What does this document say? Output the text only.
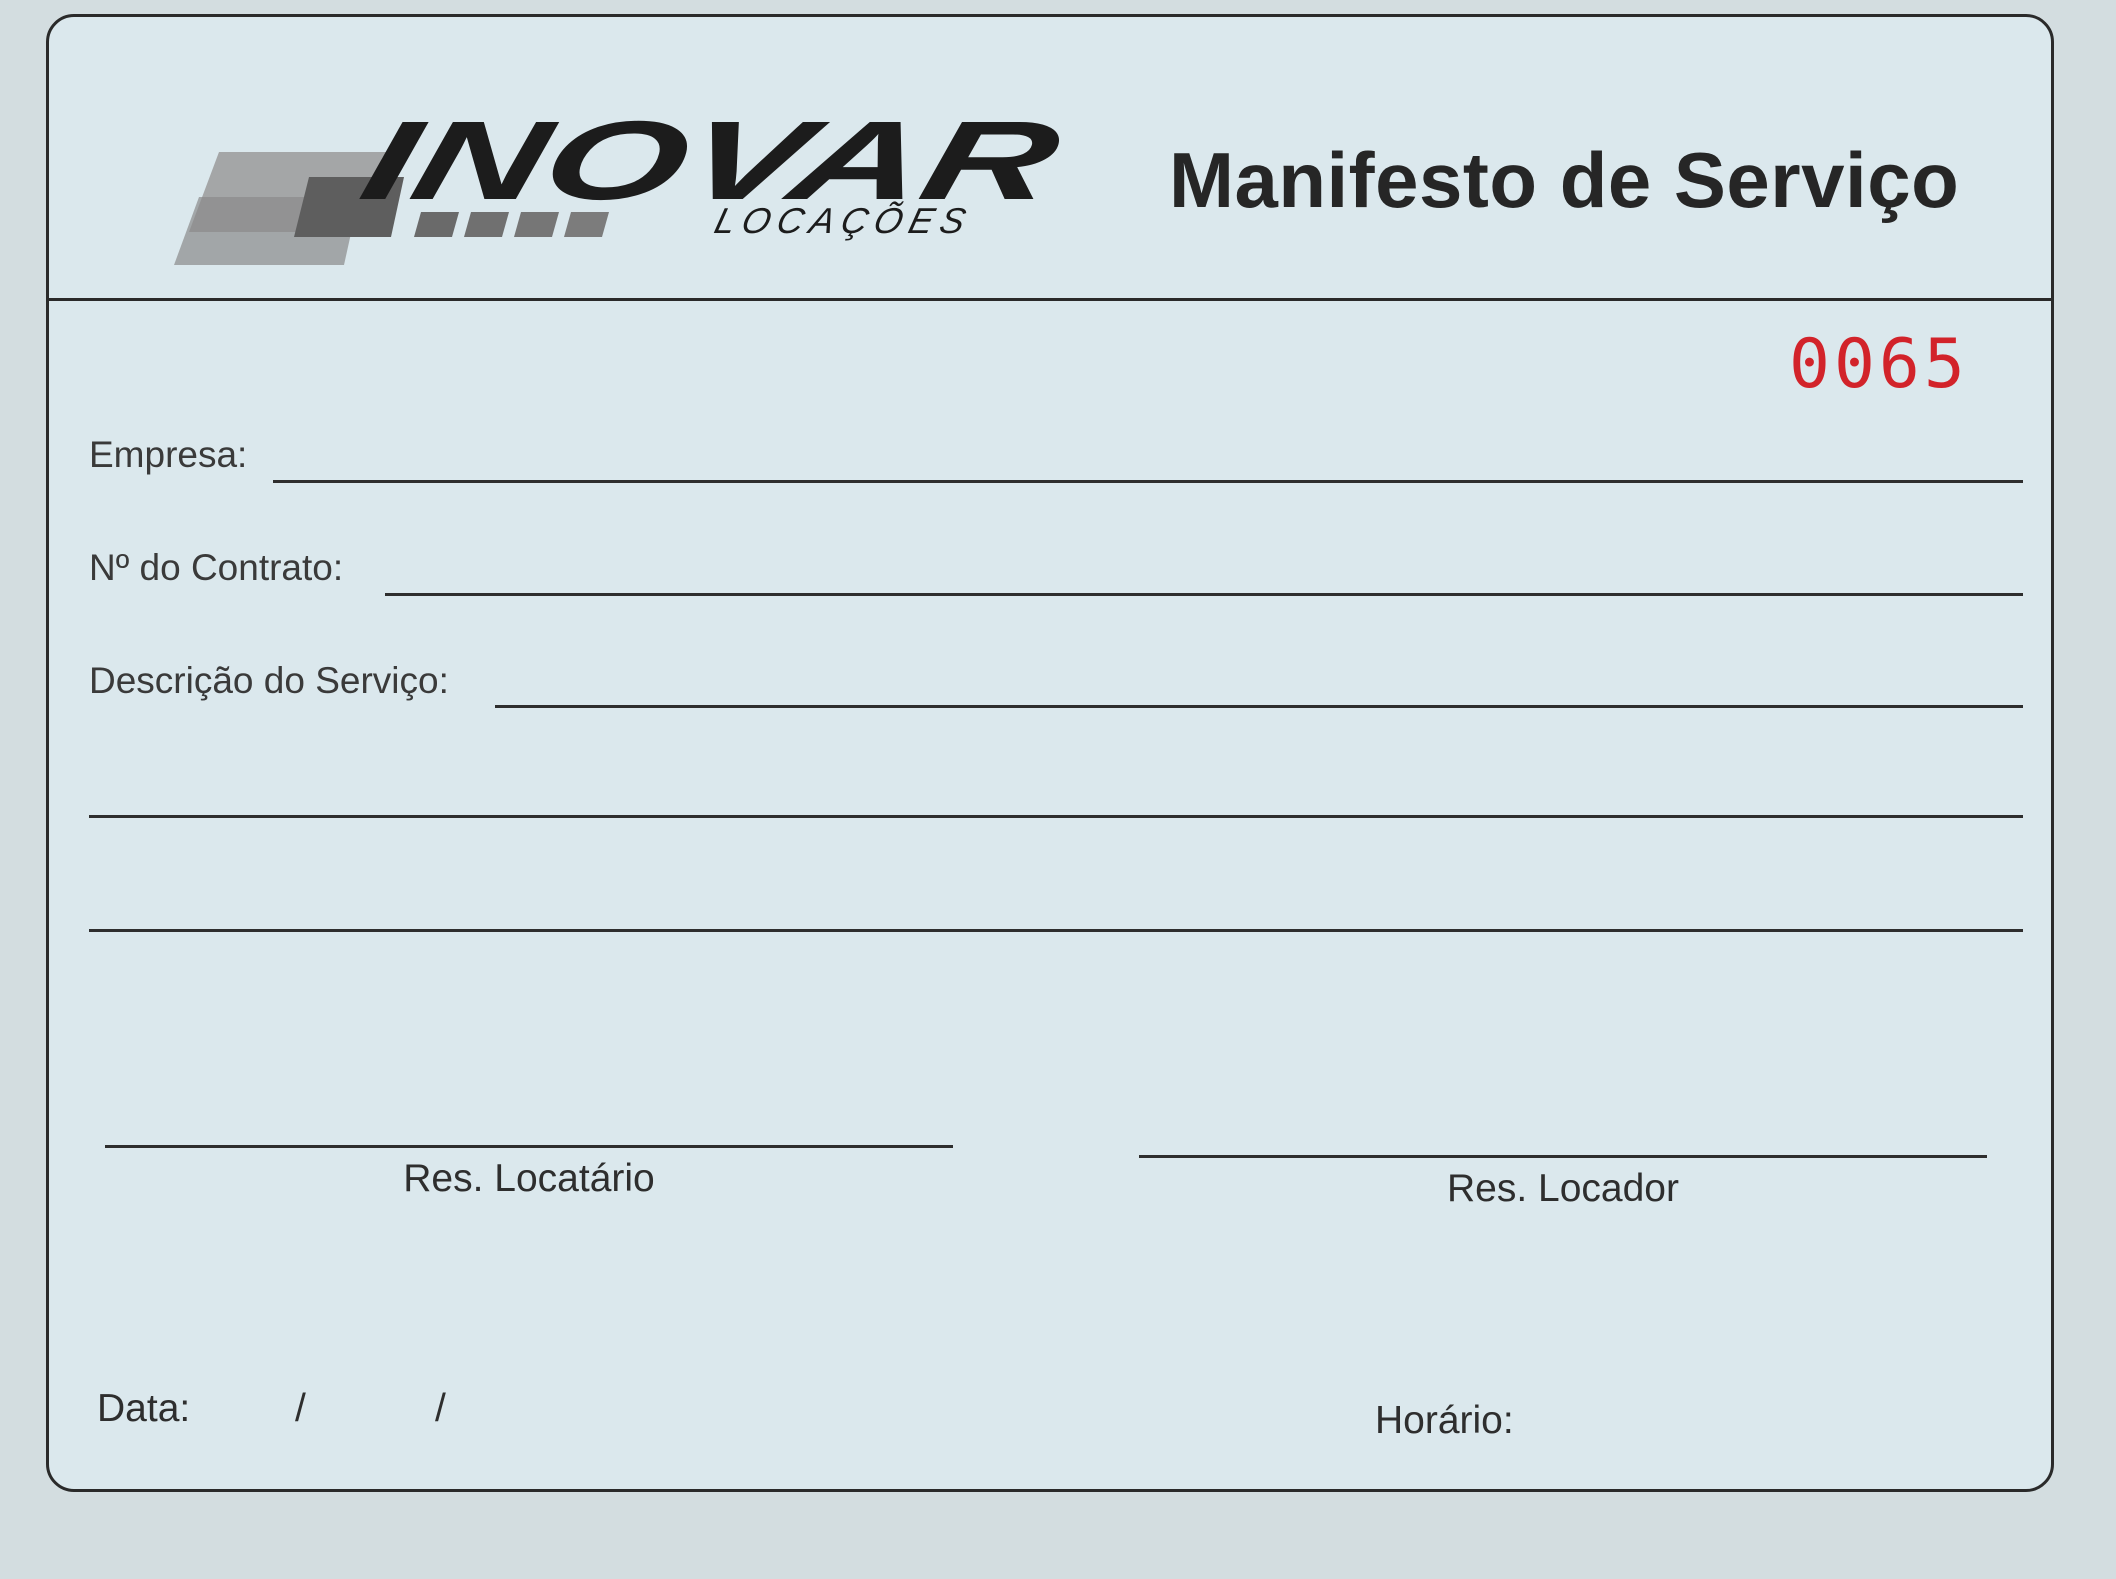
INOVAR
LOCAÇÕES Manifesto de Serviço
0065
Empresa:
Nº do Contrato:
Descrição do Serviço:
Res. Locatário	Res. Locador
Data:	/	/	Horário:
